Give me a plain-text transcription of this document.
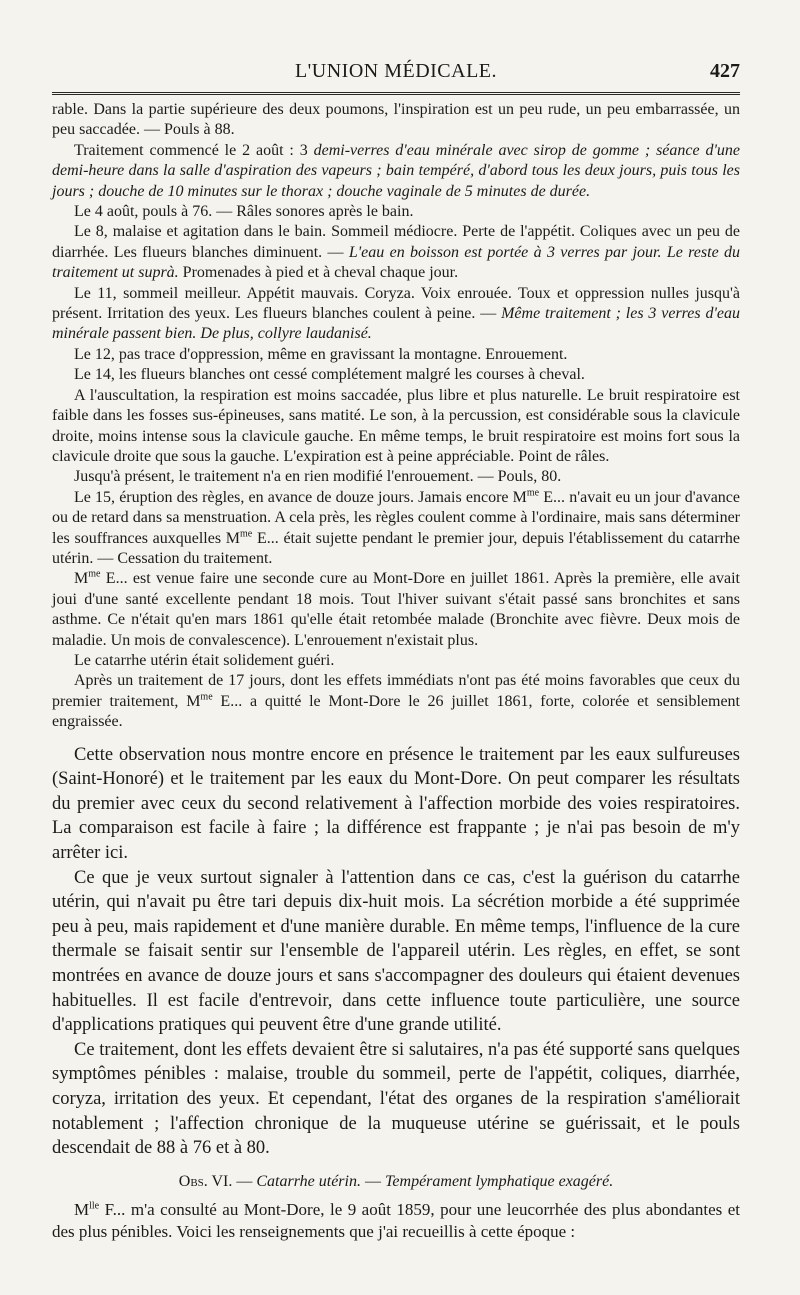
L'UNION MÉDICALE.	427

rable. Dans la partie supérieure des deux poumons, l'inspiration est un peu rude, un peu embarrassée, un peu saccadée. — Pouls à 88.

Traitement commencé le 2 août : 3 demi-verres d'eau minérale avec sirop de gomme ; séance d'une demi-heure dans la salle d'aspiration des vapeurs ; bain tempéré, d'abord tous les deux jours, puis tous les jours ; douche de 10 minutes sur le thorax ; douche vaginale de 5 minutes de durée.

Le 4 août, pouls à 76. — Râles sonores après le bain.

Le 8, malaise et agitation dans le bain. Sommeil médiocre. Perte de l'appétit. Coliques avec un peu de diarrhée. Les flueurs blanches diminuent. — L'eau en boisson est portée à 3 verres par jour. Le reste du traitement ut suprà. Promenades à pied et à cheval chaque jour.

Le 11, sommeil meilleur. Appétit mauvais. Coryza. Voix enrouée. Toux et oppression nulles jusqu'à présent. Irritation des yeux. Les flueurs blanches coulent à peine. — Même traitement ; les 3 verres d'eau minérale passent bien. De plus, collyre laudanisé.

Le 12, pas trace d'oppression, même en gravissant la montagne. Enrouement.

Le 14, les flueurs blanches ont cessé complétement malgré les courses à cheval.

A l'auscultation, la respiration est moins saccadée, plus libre et plus naturelle. Le bruit respiratoire est faible dans les fosses sus-épineuses, sans matité. Le son, à la percussion, est considérable sous la clavicule droite, moins intense sous la clavicule gauche. En même temps, le bruit respiratoire est moins fort sous la clavicule droite que sous la gauche. L'expiration est à peine appréciable. Point de râles.

Jusqu'à présent, le traitement n'a en rien modifié l'enrouement. — Pouls, 80.

Le 15, éruption des règles, en avance de douze jours. Jamais encore $M^{me}$ E... n'avait eu un jour d'avance ou de retard dans sa menstruation. A cela près, les règles coulent comme à l'ordinaire, mais sans déterminer les souffrances auxquelles $M^{me}$ E... était sujette pendant le premier jour, depuis l'établissement du catarrhe utérin. — Cessation du traitement.

$M^{me}$ E... est venue faire une seconde cure au Mont-Dore en juillet 1861. Après la première, elle avait joui d'une santé excellente pendant 18 mois. Tout l'hiver suivant s'était passé sans bronchites et sans asthme. Ce n'était qu'en mars 1861 qu'elle était retombée malade (Bronchite avec fièvre. Deux mois de maladie. Un mois de convalescence). L'enrouement n'existait plus.

Le catarrhe utérin était solidement guéri.

Après un traitement de 17 jours, dont les effets immédiats n'ont pas été moins favorables que ceux du premier traitement, $M^{me}$ E... a quitté le Mont-Dore le 26 juillet 1861, forte, colorée et sensiblement engraissée.

Cette observation nous montre encore en présence le traitement par les eaux sulfureuses (Saint-Honoré) et le traitement par les eaux du Mont-Dore. On peut comparer les résultats du premier avec ceux du second relativement à l'affection morbide des voies respiratoires. La comparaison est facile à faire ; la différence est frappante ; je n'ai pas besoin de m'y arrêter ici.

Ce que je veux surtout signaler à l'attention dans ce cas, c'est la guérison du catarrhe utérin, qui n'avait pu être tari depuis dix-huit mois. La sécrétion morbide a été supprimée peu à peu, mais rapidement et d'une manière durable. En même temps, l'influence de la cure thermale se faisait sentir sur l'ensemble de l'appareil utérin. Les règles, en effet, se sont montrées en avance de douze jours et sans s'accompagner des douleurs qui étaient devenues habituelles. Il est facile d'entrevoir, dans cette influence toute particulière, une source d'applications pratiques qui peuvent être d'une grande utilité.

Ce traitement, dont les effets devaient être si salutaires, n'a pas été supporté sans quelques symptômes pénibles : malaise, trouble du sommeil, perte de l'appétit, coliques, diarrhée, coryza, irritation des yeux. Et cependant, l'état des organes de la respiration s'améliorait notablement ; l'affection chronique de la muqueuse utérine se guérissait, et le pouls descendait de 88 à 76 et à 80.

Obs. VI. — Catarrhe utérin. — Tempérament lymphatique exagéré.

$M^{lle}$ F... m'a consulté au Mont-Dore, le 9 août 1859, pour une leucorrhée des plus abondantes et des plus pénibles. Voici les renseignements que j'ai recueillis à cette époque :
